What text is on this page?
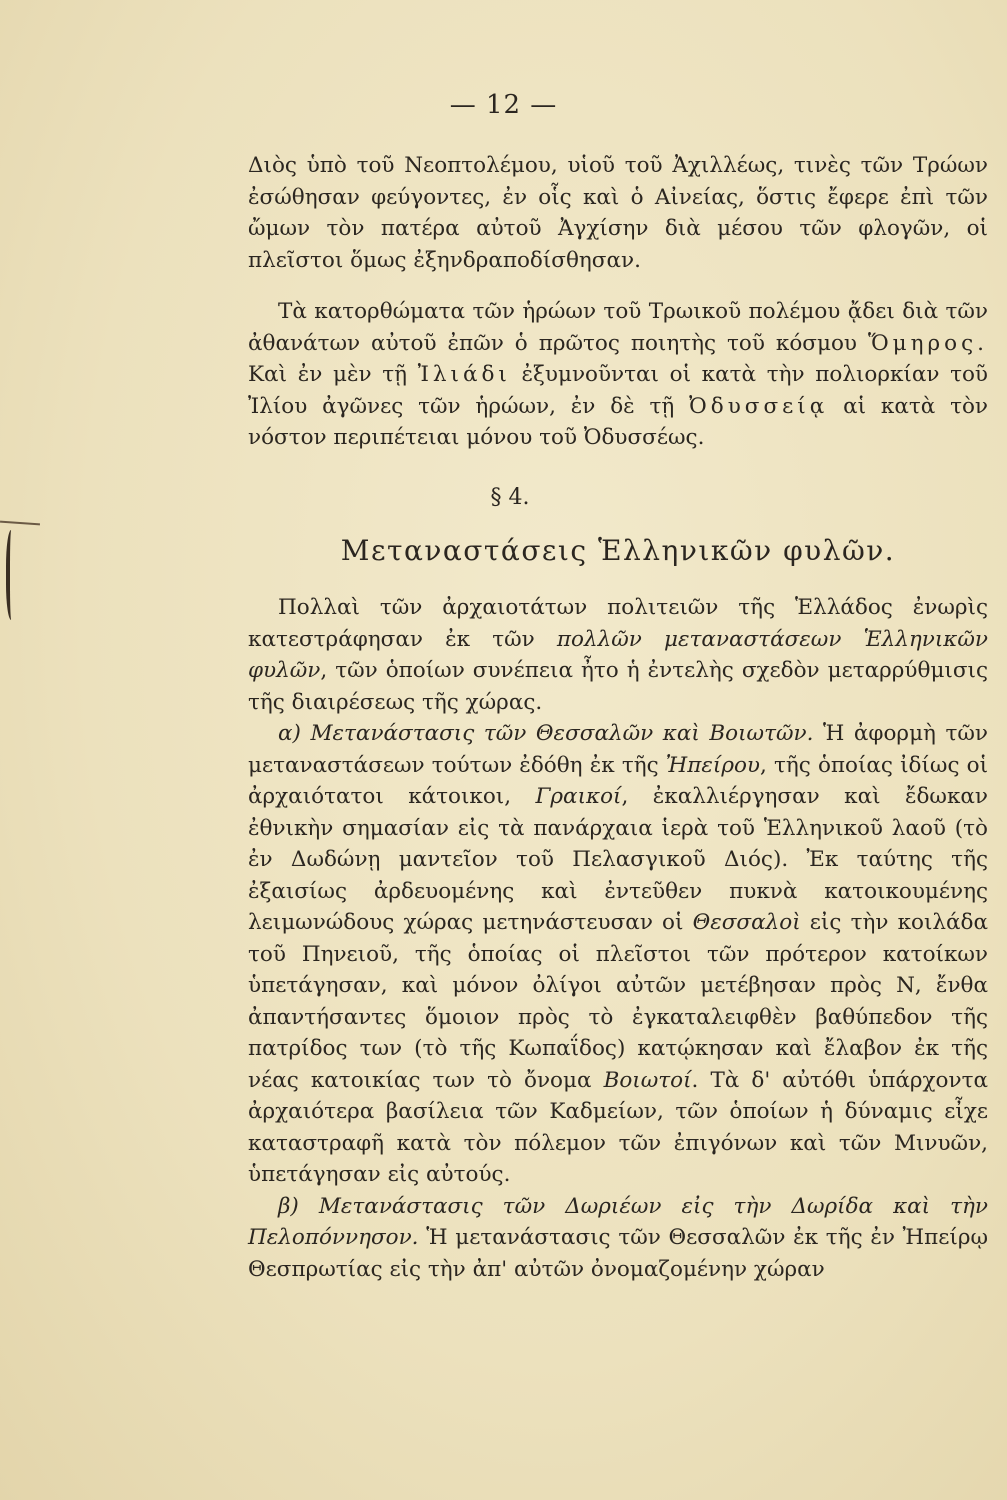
— 12 —

Διὸς ὑπὸ τοῦ Νεοπτολέμου, υἱοῦ τοῦ Ἀχιλλέως, τινὲς τῶν Τρώων ἐσώθησαν φεύγοντες, ἐν οἷς καὶ ὁ Αἰνείας, ὅστις ἔφερε ἐπὶ τῶν ὤμων τὸν πατέρα αὐτοῦ Ἀγχίσην διὰ μέσου τῶν φλογῶν, οἱ πλεῖστοι ὅμως ἐξηνδραποδίσθησαν.

Τὰ κατορθώματα τῶν ἡρώων τοῦ Τρωικοῦ πολέμου ᾄδει διὰ τῶν ἀθανάτων αὐτοῦ ἐπῶν ὁ πρῶτος ποιητὴς τοῦ κόσμου Ὅμηρος. Καὶ ἐν μὲν τῇ Ἰλιάδι ἐξυμνοῦνται οἱ κατὰ τὴν πολιορκίαν τοῦ Ἰλίου ἀγῶνες τῶν ἡρώων, ἐν δὲ τῇ Ὀδυσσείᾳ αἱ κατὰ τὸν νόστον περιπέτειαι μόνου τοῦ Ὀδυσσέως.

§ 4.
Μεταναστάσεις Ἑλληνικῶν φυλῶν.

Πολλαὶ τῶν ἀρχαιοτάτων πολιτειῶν τῆς Ἑλλάδος ἐνωρὶς κατεστράφησαν ἐκ τῶν πολλῶν μεταναστάσεων Ἑλληνικῶν φυλῶν, τῶν ὁποίων συνέπεια ἦτο ἡ ἐντελὴς σχεδὸν μεταρρύθμισις τῆς διαιρέσεως τῆς χώρας.

α) Μετανάστασις τῶν Θεσσαλῶν καὶ Βοιωτῶν. Ἡ ἀφορμὴ τῶν μεταναστάσεων τούτων ἐδόθη ἐκ τῆς Ἠπείρου, τῆς ὁποίας ἰδίως οἱ ἀρχαιότατοι κάτοικοι, Γραικοί, ἐκαλλιέργησαν καὶ ἔδωκαν ἐθνικὴν σημασίαν εἰς τὰ πανάρχαια ἱερὰ τοῦ Ἑλληνικοῦ λαοῦ (τὸ ἐν Δωδώνῃ μαντεῖον τοῦ Πελασγικοῦ Διός). Ἐκ ταύτης τῆς ἐξαισίως ἀρδευομένης καὶ ἐντεῦθεν πυκνὰ κατοικουμένης λειμωνώδους χώρας μετηνάστευσαν οἱ Θεσσαλοὶ εἰς τὴν κοιλάδα τοῦ Πηνειοῦ, τῆς ὁποίας οἱ πλεῖστοι τῶν πρότερον κατοίκων ὑπετάγησαν, καὶ μόνον ὀλίγοι αὐτῶν μετέβησαν πρὸς Ν, ἔνθα ἀπαντήσαντες ὅμοιον πρὸς τὸ ἐγκαταλειφθὲν βαθύπεδον τῆς πατρίδος των (τὸ τῆς Κωπαΐδος) κατῴκησαν καὶ ἔλαβον ἐκ τῆς νέας κατοικίας των τὸ ὄνομα Βοιωτοί. Τὰ δ' αὐτόθι ὑπάρχοντα ἀρχαιότερα βασίλεια τῶν Καδμείων, τῶν ὁποίων ἡ δύναμις εἶχε καταστραφῆ κατὰ τὸν πόλεμον τῶν ἐπιγόνων καὶ τῶν Μινυῶν, ὑπετάγησαν εἰς αὐτούς.

β) Μετανάστασις τῶν Δωριέων εἰς τὴν Δωρίδα καὶ τὴν Πελοπόννησον. Ἡ μετανάστασις τῶν Θεσσαλῶν ἐκ τῆς ἐν Ἠπείρῳ Θεσπρωτίας εἰς τὴν ἀπ' αὐτῶν ὀνομαζομένην χώραν
